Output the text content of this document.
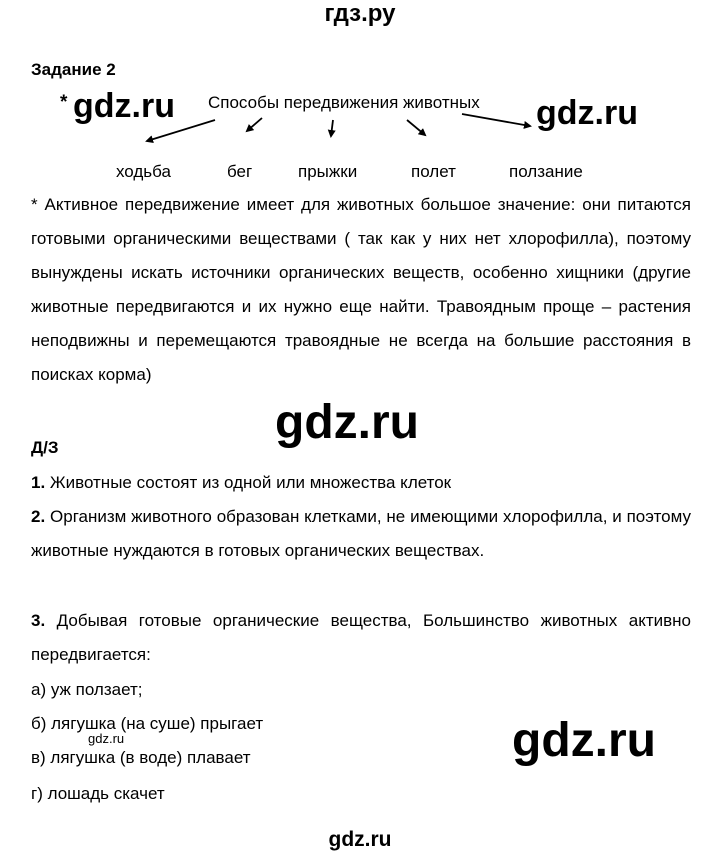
гдз.ру
Задание 2
*	Способы передвижения животных
gdz.ru	gdz.ru
ходьба	бег	прыжки	полет	ползание
* Активное передвижение имеет для животных большое значение: они питаются готовыми органическими веществами ( так как у них нет хлорофилла), поэтому вынуждены искать источники органических веществ, особенно хищники (другие животные передвигаются и их нужно еще найти. Травоядным проще – растения неподвижны и перемещаются травоядные не всегда на большие расстояния в поисках корма)
gdz.ru
Д/З
1. Животные состоят из одной или множества клеток
2. Организм животного образован клетками, не имеющими хлорофилла, и поэтому животные нуждаются в готовых органических веществах.
3. Добывая готовые органические вещества, Большинство животных активно передвигается:
а) уж ползает;
б) лягушка (на суше) прыгает
в) лягушка (в воде) плавает
г) лошадь скачет
gdz.ru	gdz.ru
gdz.ru
